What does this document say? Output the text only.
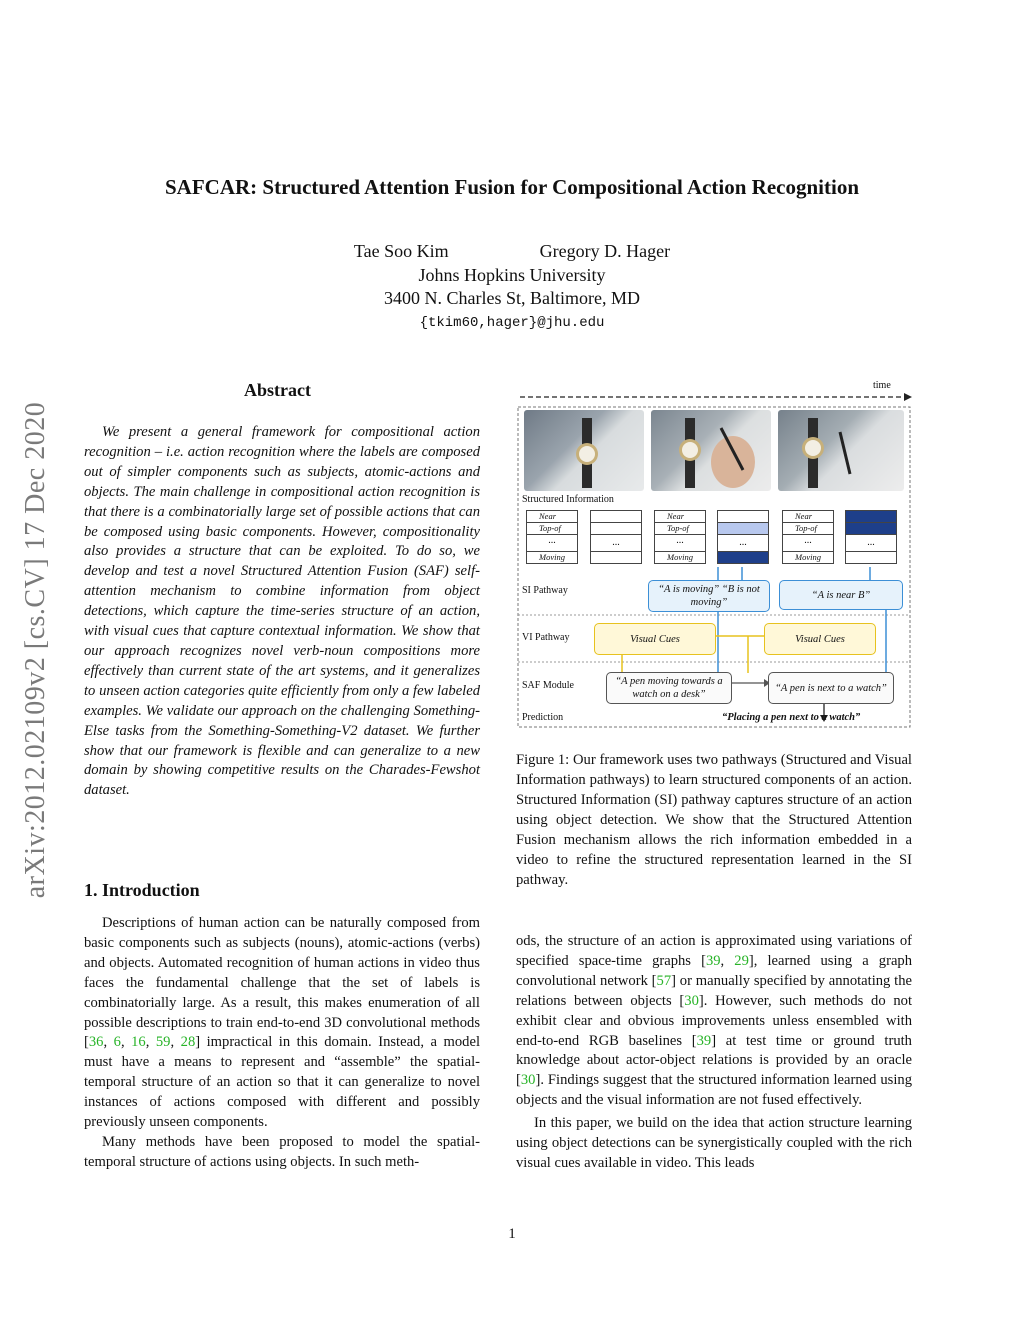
arXiv:2012.02109v2 [cs.CV] 17 Dec 2020
SAFCAR: Structured Attention Fusion for Compositional Action Recognition
Tae Soo Kim	Gregory D. Hager
Johns Hopkins University
3400 N. Charles St, Baltimore, MD
{tkim60,hager}@jhu.edu
Abstract

We present a general framework for compositional action recognition – i.e. action recognition where the labels are composed out of simpler components such as subjects, atomic-actions and objects. The main challenge in compositional action recognition is that there is a combinatorially large set of possible actions that can be composed using basic components. However, compositionality also provides a structure that can be exploited. To do so, we develop and test a novel Structured Attention Fusion (SAF) self-attention mechanism to combine information from object detections, which capture the time-series structure of an action, with visual cues that capture contextual information. We show that our approach recognizes novel verb-noun compositions more effectively than current state of the art systems, and it generalizes to unseen action categories quite efficiently from only a few labeled examples. We validate our approach on the challenging Something-Else tasks from the Something-Something-V2 dataset. We further show that our framework is flexible and can generalize to a new domain by showing competitive results on the Charades-Fewshot dataset.

1. Introduction

Descriptions of human action can be naturally composed from basic components such as subjects (nouns), atomic-actions (verbs) and objects. Automated recognition of human actions in video thus faces the fundamental challenge that the set of labels is combinatorially large. As a result, this makes enumeration of all possible descriptions to train end-to-end 3D convolutional methods [36, 6, 16, 59, 28] impractical in this domain. Instead, a model must have a means to represent and “assemble” the spatial-temporal structure of an action so that it can generalize to novel instances of actions composed with different and possibly previously unseen components.

Many methods have been proposed to model the spatial-temporal structure of actions using objects. In such meth-

ods, the structure of an action is approximated using variations of specified space-time graphs [39, 29], learned using a graph convolutional network [57] or manually specified by annotating the relations between objects [30]. However, such methods do not exhibit clear and obvious improvements unless ensembled with end-to-end RGB baselines [39] at test time or ground truth knowledge about actor-object relations is provided by an oracle [30]. Findings suggest that the structured information learned using objects and the visual information are not fused effectively.

In this paper, we build on the idea that action structure learning using object detections can be synergistically coupled with the rich visual cues available in video. This leads

time
Structured Information
Near
Top-of
...
Moving
...
Near
Top-of
...
Moving
...
Near
Top-of
...
Moving
...
SI Pathway
VI Pathway
SAF Module
Prediction
“A is moving” “B is not moving”
“A is near B”
Visual Cues	Visual Cues
“A pen moving towards a watch on a desk”
“A pen is next to a watch”
“Placing a pen next to a watch”
Figure 1: Our framework uses two pathways (Structured and Visual Information pathways) to learn structured components of an action. Structured Information (SI) pathway captures structure of an action using object detection. We show that the Structured Attention Fusion mechanism allows the rich information embedded in a video to refine the structured representation learned in the SI pathway.
1
